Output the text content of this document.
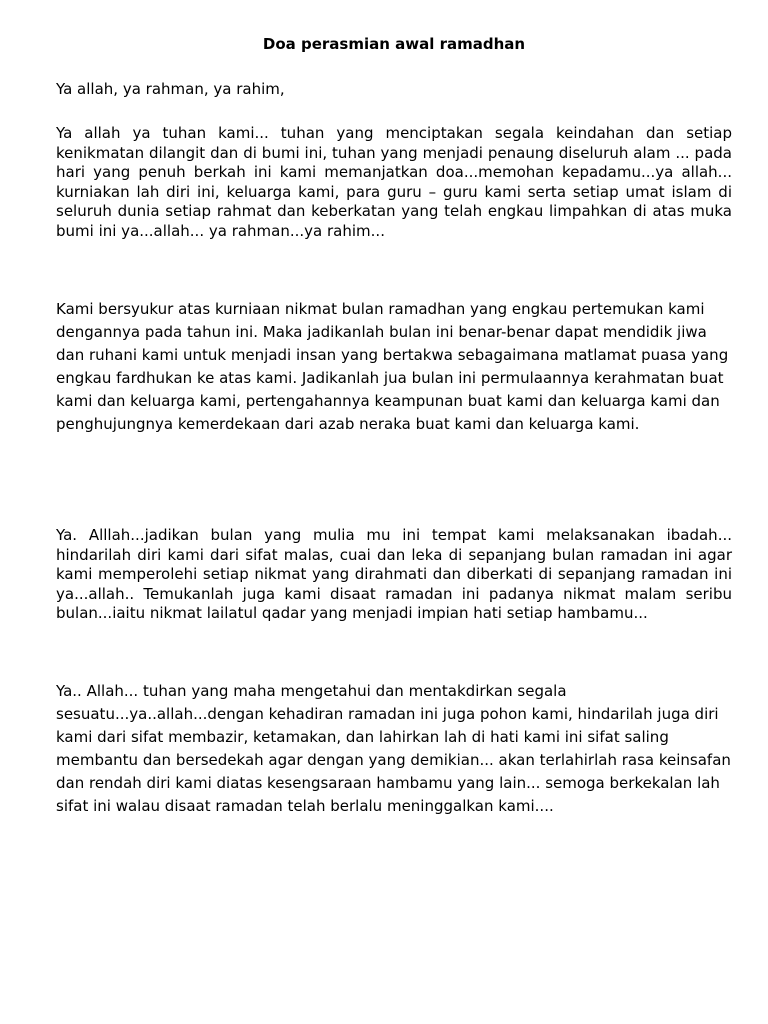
Doa perasmian awal ramadhan

Ya allah, ya rahman, ya rahim,

Ya allah ya tuhan kami... tuhan yang menciptakan segala keindahan dan setiap kenikmatan dilangit dan di bumi ini, tuhan yang menjadi penaung diseluruh alam ... pada hari yang penuh berkah ini kami memanjatkan doa...memohan kepadamu...ya allah... kurniakan lah diri ini, keluarga kami, para guru – guru kami serta setiap umat islam di seluruh dunia setiap rahmat dan keberkatan yang telah engkau limpahkan di atas muka bumi ini ya...allah... ya rahman...ya rahim...

Kami bersyukur atas kurniaan nikmat bulan ramadhan yang engkau pertemukan kami dengannya pada tahun ini. Maka jadikanlah bulan ini benar-benar dapat mendidik jiwa dan ruhani kami untuk menjadi insan yang bertakwa sebagaimana matlamat puasa yang engkau fardhukan ke atas kami. Jadikanlah jua bulan ini permulaannya kerahmatan buat kami dan keluarga kami, pertengahannya keampunan buat kami dan keluarga kami dan penghujungnya kemerdekaan dari azab neraka buat kami dan keluarga kami.

Ya. Alllah...jadikan bulan yang mulia mu ini tempat kami melaksanakan ibadah... hindarilah diri kami dari sifat malas, cuai dan leka di sepanjang bulan ramadan ini agar kami memperolehi setiap nikmat yang dirahmati dan diberkati di sepanjang ramadan ini ya...allah.. Temukanlah juga kami disaat ramadan ini padanya nikmat malam seribu bulan...iaitu nikmat lailatul qadar yang menjadi impian hati setiap hambamu...

Ya.. Allah... tuhan yang maha mengetahui dan mentakdirkan segala sesuatu...ya..allah...dengan kehadiran ramadan ini juga pohon kami, hindarilah juga diri kami dari sifat membazir, ketamakan, dan lahirkan lah di hati kami ini sifat saling membantu dan bersedekah agar dengan yang demikian... akan terlahirlah rasa keinsafan dan rendah diri kami diatas kesengsaraan hambamu yang lain... semoga berkekalan lah sifat ini walau disaat ramadan telah berlalu meninggalkan kami....
